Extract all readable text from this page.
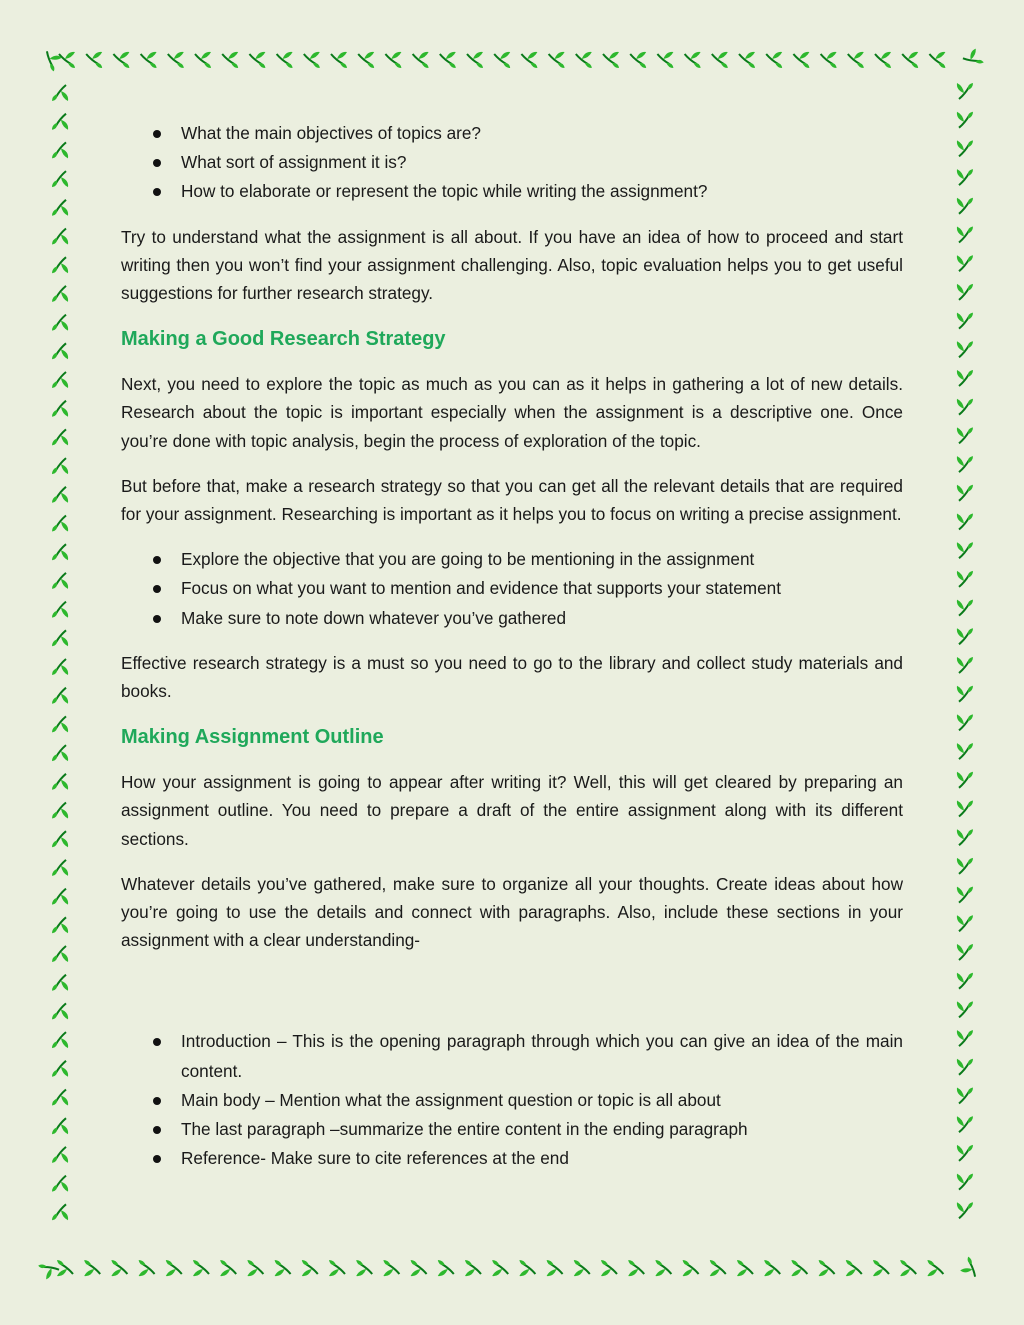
What the main objectives of topics are?
What sort of assignment it is?
How to elaborate or represent the topic while writing the assignment?

Try to understand what the assignment is all about. If you have an idea of how to proceed and start writing then you won’t find your assignment challenging. Also, topic evaluation helps you to get useful suggestions for further research strategy.

Making a Good Research Strategy

Next, you need to explore the topic as much as you can as it helps in gathering a lot of new details. Research about the topic is important especially when the assignment is a descriptive one. Once you’re done with topic analysis, begin the process of exploration of the topic.

But before that, make a research strategy so that you can get all the relevant details that are required for your assignment. Researching is important as it helps you to focus on writing a precise assignment.

Explore the objective that you are going to be mentioning in the assignment
Focus on what you want to mention and evidence that supports your statement
Make sure to note down whatever you’ve gathered

Effective research strategy is a must so you need to go to the library and collect study materials and books.

Making Assignment Outline

How your assignment is going to appear after writing it? Well, this will get cleared by preparing an assignment outline. You need to prepare a draft of the entire assignment along with its different sections.

Whatever details you’ve gathered, make sure to organize all your thoughts. Create ideas about how you’re going to use the details and connect with paragraphs. Also, include these sections in your assignment with a clear understanding-

Introduction – This is the opening paragraph through which you can give an idea of the main content.
Main body – Mention what the assignment question or topic is all about
The last paragraph –summarize the entire content in the ending paragraph
Reference- Make sure to cite references at the end
